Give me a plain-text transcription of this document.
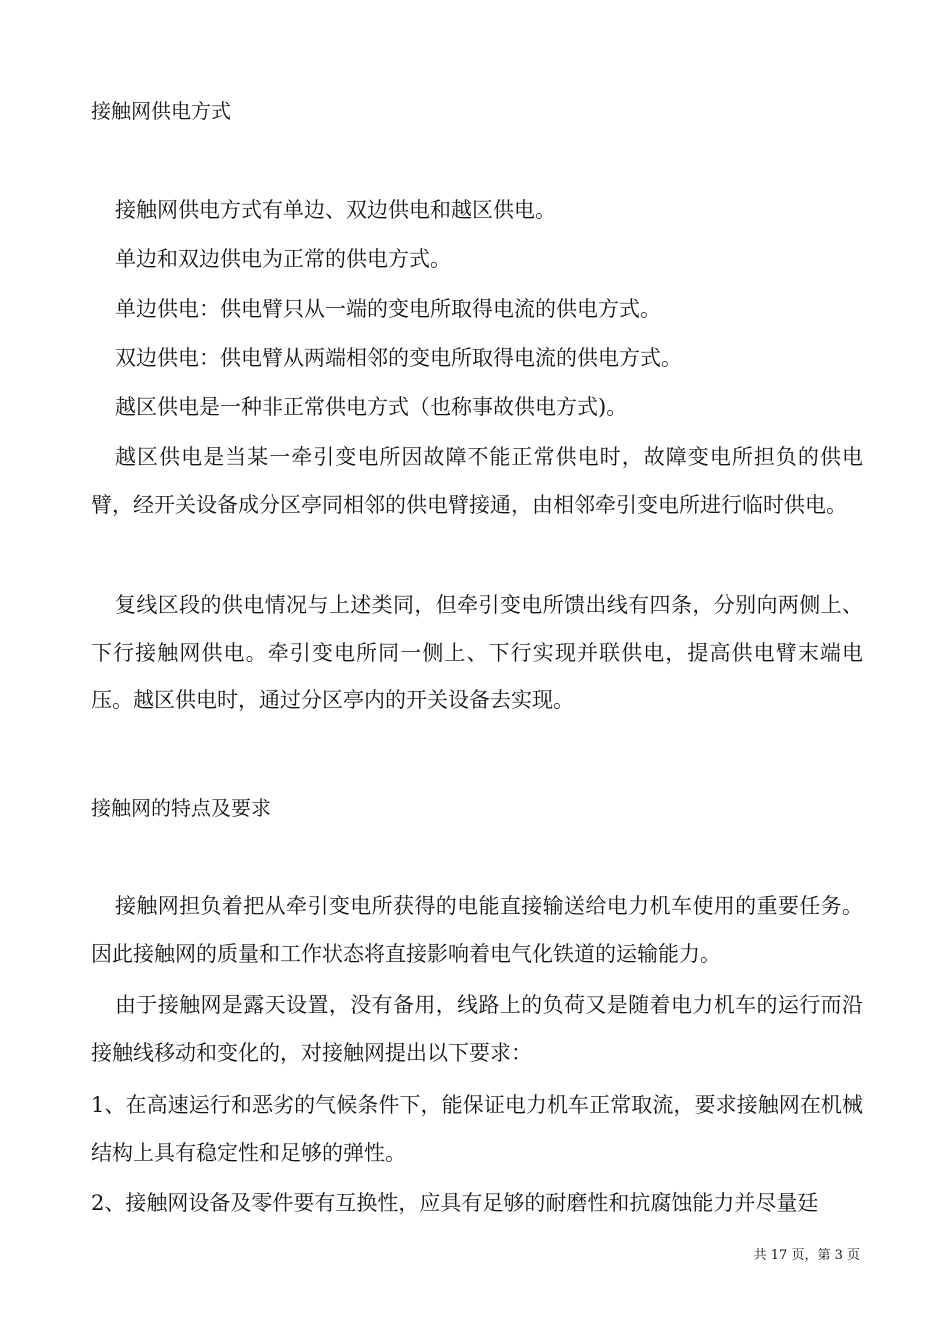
接触网供电方式

接触网供电方式有单边、双边供电和越区供电。

单边和双边供电为正常的供电方式。

单边供电：供电臂只从一端的变电所取得电流的供电方式。

双边供电：供电臂从两端相邻的变电所取得电流的供电方式。

越区供电是一种非正常供电方式（也称事故供电方式)。

越区供电是当某一牵引变电所因故障不能正常供电时，故障变电所担负的供电臂，经开关设备成分区亭同相邻的供电臂接通，由相邻牵引变电所进行临时供电。

复线区段的供电情况与上述类同，但牵引变电所馈出线有四条，分别向两侧上、下行接触网供电。牵引变电所同一侧上、下行实现并联供电，提高供电臂末端电压。越区供电时，通过分区亭内的开关设备去实现。

接触网的特点及要求

接触网担负着把从牵引变电所获得的电能直接输送给电力机车使用的重要任务。因此接触网的质量和工作状态将直接影响着电气化铁道的运输能力。

由于接触网是露天设置，没有备用，线路上的负荷又是随着电力机车的运行而沿接触线移动和变化的，对接触网提出以下要求：

1、在高速运行和恶劣的气候条件下，能保证电力机车正常取流，要求接触网在机械结构上具有稳定性和足够的弹性。

2、接触网设备及零件要有互换性，应具有足够的耐磨性和抗腐蚀能力并尽量廷

共 17 页，第 3 页
